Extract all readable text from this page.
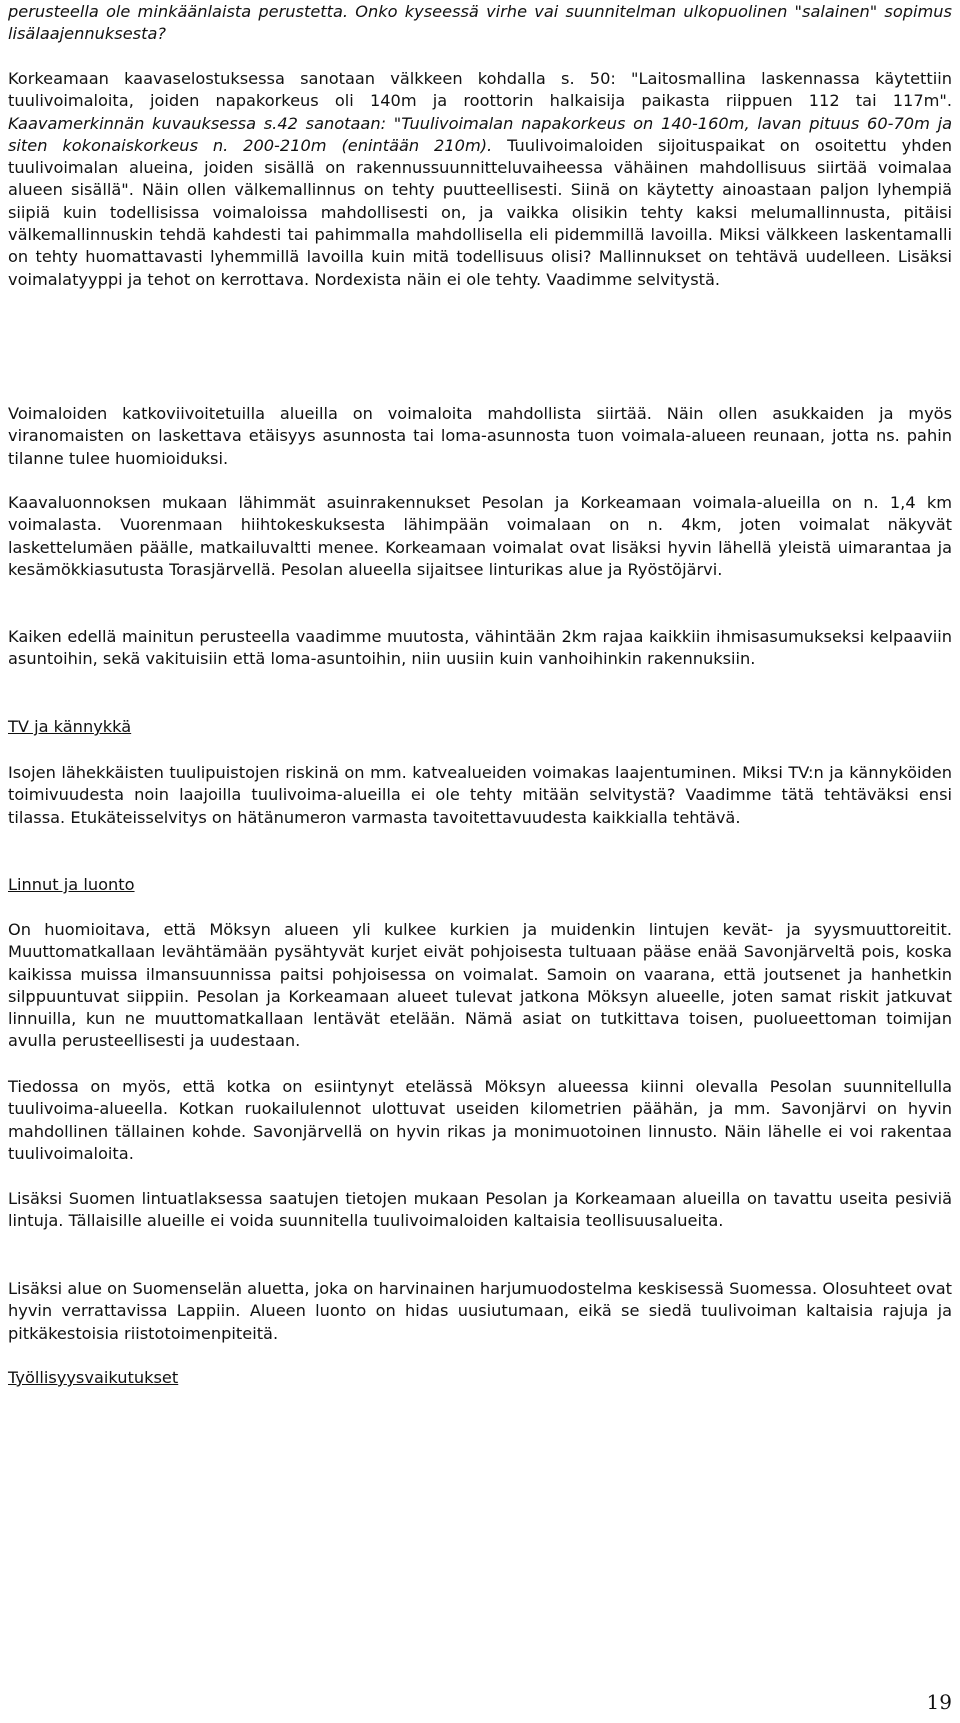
perusteella ole minkäänlaista perustetta. Onko kyseessä virhe vai suunnitelman ulkopuolinen "salainen" sopimus lisälaajennuksesta?

Korkeamaan kaavaselostuksessa sanotaan välkkeen kohdalla s. 50: "Laitosmallina laskennassa käytettiin tuulivoimaloita, joiden napakorkeus oli 140m ja roottorin halkaisija paikasta riippuen 112 tai 117m". Kaavamerkinnän kuvauksessa s.42 sanotaan: "Tuulivoimalan napakorkeus on 140-160m, lavan pituus 60-70m ja siten kokonaiskorkeus n. 200-210m (enintään 210m). Tuulivoimaloiden sijoituspaikat on osoitettu yhden tuulivoimalan alueina, joiden sisällä on rakennussuunnitteluvaiheessa vähäinen mahdollisuus siirtää voimalaa alueen sisällä". Näin ollen välkemallinnus on tehty puutteellisesti. Siinä on käytetty ainoastaan paljon lyhempiä siipiä kuin todellisissa voimaloissa mahdollisesti on, ja vaikka olisikin tehty kaksi melumallinnusta, pitäisi välkemallinnuskin tehdä kahdesti tai pahimmalla mahdollisella eli pidemmillä lavoilla. Miksi välkkeen laskentamalli on tehty huomattavasti lyhemmillä lavoilla kuin mitä todellisuus olisi? Mallinnukset on tehtävä uudelleen. Lisäksi voimalatyyppi ja tehot on kerrottava. Nordexista näin ei ole tehty. Vaadimme selvitystä.

Voimaloiden katkoviivoitetuilla alueilla on voimaloita mahdollista siirtää. Näin ollen asukkaiden ja myös viranomaisten on laskettava etäisyys asunnosta tai loma-asunnosta tuon voimala-alueen reunaan, jotta ns. pahin tilanne tulee huomioiduksi.

Kaavaluonnoksen mukaan lähimmät asuinrakennukset Pesolan ja Korkeamaan voimala-alueilla on n. 1,4 km voimalasta. Vuorenmaan hiihtokeskuksesta lähimpään voimalaan on n. 4km, joten voimalat näkyvät laskettelumäen päälle, matkailuvaltti menee. Korkeamaan voimalat ovat lisäksi hyvin lähellä yleistä uimarantaa ja kesämökkiasutusta Torasjärvellä. Pesolan alueella sijaitsee linturikas alue ja Ryöstöjärvi.

Kaiken edellä mainitun perusteella vaadimme muutosta, vähintään 2km rajaa kaikkiin ihmisasumukseksi kelpaaviin asuntoihin, sekä vakituisiin että loma-asuntoihin, niin uusiin kuin vanhoihinkin rakennuksiin.

TV ja kännykkä

Isojen lähekkäisten tuulipuistojen riskinä on mm. katvealueiden voimakas laajentuminen. Miksi TV:n ja kännyköiden toimivuudesta noin laajoilla tuulivoima-alueilla ei ole tehty mitään selvitystä? Vaadimme tätä tehtäväksi ensi tilassa. Etukäteisselvitys on hätänumeron varmasta tavoitettavuudesta kaikkialla tehtävä.

Linnut ja luonto

On huomioitava, että Möksyn alueen yli kulkee kurkien ja muidenkin lintujen kevät- ja syysmuuttoreitit. Muuttomatkallaan levähtämään pysähtyvät kurjet eivät pohjoisesta tultuaan pääse enää Savonjärveltä pois, koska kaikissa muissa ilmansuunnissa paitsi pohjoisessa on voimalat. Samoin on vaarana, että joutsenet ja hanhetkin silppuuntuvat siippiin. Pesolan ja Korkeamaan alueet tulevat jatkona Möksyn alueelle, joten samat riskit jatkuvat linnuilla, kun ne muuttomatkallaan lentävät etelään. Nämä asiat on tutkittava toisen, puolueettoman toimijan avulla perusteellisesti ja uudestaan.

Tiedossa on myös, että kotka on esiintynyt etelässä Möksyn alueessa kiinni olevalla Pesolan suunnitellulla tuulivoima-alueella. Kotkan ruokailulennot ulottuvat useiden kilometrien päähän, ja mm. Savonjärvi on hyvin mahdollinen tällainen kohde. Savonjärvellä on hyvin rikas ja monimuotoinen linnusto. Näin lähelle ei voi rakentaa tuulivoimaloita.

Lisäksi Suomen lintuatlaksessa saatujen tietojen mukaan Pesolan ja Korkeamaan alueilla on tavattu useita pesiviä lintuja. Tällaisille alueille ei voida suunnitella tuulivoimaloiden kaltaisia teollisuusalueita.

Lisäksi alue on Suomenselän aluetta, joka on harvinainen harjumuodostelma keskisessä Suomessa. Olosuhteet ovat hyvin verrattavissa Lappiin. Alueen luonto on hidas uusiutumaan, eikä se siedä tuulivoiman kaltaisia rajuja ja pitkäkestoisia riistotoimenpiteitä.

Työllisyysvaikutukset

19
